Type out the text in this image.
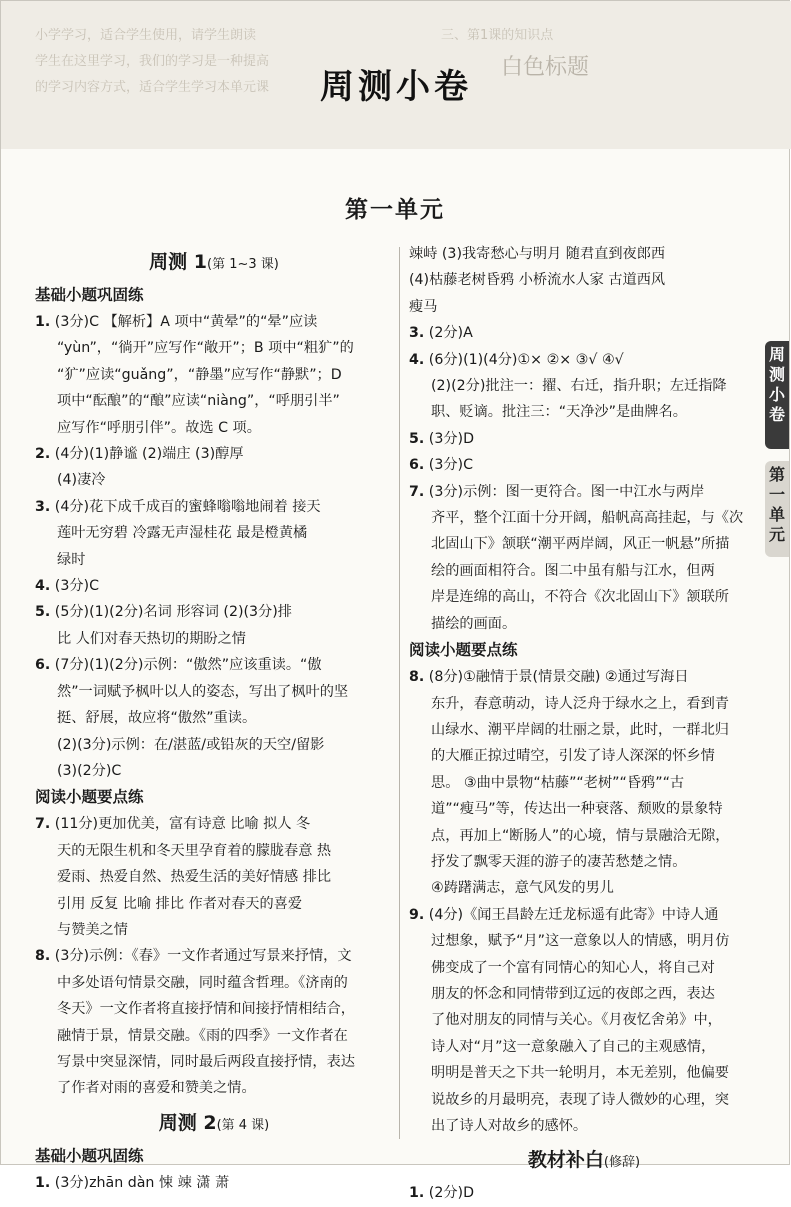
小学学习，适合学生使用，请学生朗读
学生在这里学习，我们的学习是一种提高
的学习内容方式，适合学生学习本单元课
三、第1课的知识点
白色标题
周测小卷
第一单元
周测 1(第 1~3 课)
基础小题巩固练
1. (3分)C 【解析】A 项中“黄晕”的“晕”应读
“yùn”，“徜开”应写作“敞开”；B 项中“粗犷”的
“犷”应读“guǎng”，“静墨”应写作“静默”；D
项中“酝酿”的“酿”应读“niàng”，“呼朋引半”
应写作“呼朋引伴”。故选 C 项。
2. (4分)(1)静谧 (2)端庄 (3)醇厚
(4)凄冷
3. (4分)花下成千成百的蜜蜂嗡嗡地闹着 接天
莲叶无穷碧 冷露无声湿桂花 最是橙黄橘
绿时
4. (3分)C
5. (5分)(1)(2分)名词 形容词 (2)(3分)排
比 人们对春天热切的期盼之情
6. (7分)(1)(2分)示例：“傲然”应该重读。“傲
然”一词赋予枫叶以人的姿态，写出了枫叶的坚
挺、舒展，故应将“傲然”重读。
(2)(3分)示例：在/湛蓝/或铅灰的天空/留影
(3)(2分)C
阅读小题要点练
7. (11分)更加优美，富有诗意 比喻 拟人 冬
天的无限生机和冬天里孕育着的朦胧春意 热
爱雨、热爱自然、热爱生活的美好情感 排比
引用 反复 比喻 排比 作者对春天的喜爱
与赞美之情
8. (3分)示例：《春》一文作者通过写景来抒情，文
中多处语句情景交融，同时蕴含哲理。《济南的
冬天》一文作者将直接抒情和间接抒情相结合，
融情于景，情景交融。《雨的四季》一文作者在
写景中突显深情，同时最后两段直接抒情，表达
了作者对雨的喜爱和赞美之情。
周测 2(第 4 课)
基础小题巩固练
1. (3分)zhān dàn 悚 竦 潇 萧
竦峙 (3)我寄愁心与明月 随君直到夜郎西
(4)枯藤老树昏鸦 小桥流水人家 古道西风
瘦马
3. (2分)A
4. (6分)(1)(4分)①× ②× ③√ ④√
(2)(2分)批注一：擢、右迁，指升职；左迁指降
职、贬谪。批注三：“天净沙”是曲牌名。
5. (3分)D
6. (3分)C
7. (3分)示例：图一更符合。图一中江水与两岸
齐平，整个江面十分开阔，船帆高高挂起，与《次
北固山下》颔联“潮平两岸阔，风正一帆悬”所描
绘的画面相符合。图二中虽有船与江水，但两
岸是连绵的高山，不符合《次北固山下》颔联所
描绘的画面。
阅读小题要点练
8. (8分)①融情于景(情景交融) ②通过写海日
东升，春意萌动，诗人泛舟于绿水之上，看到青
山绿水、潮平岸阔的壮丽之景，此时，一群北归
的大雁正掠过晴空，引发了诗人深深的怀乡情
思。 ③曲中景物“枯藤”“老树”“昏鸦”“古
道”“瘦马”等，传达出一种衰落、颓败的景象特
点，再加上“断肠人”的心境，情与景融洽无隙，
抒发了飘零天涯的游子的凄苦愁楚之情。
④踌躇满志，意气风发的男儿
9. (4分)《闻王昌龄左迁龙标遥有此寄》中诗人通
过想象，赋予“月”这一意象以人的情感，明月仿
佛变成了一个富有同情心的知心人，将自己对
朋友的怀念和同情带到辽远的夜郎之西，表达
了他对朋友的同情与关心。《月夜忆舍弟》中，
诗人对“月”这一意象融入了自己的主观感情，
明明是普天之下共一轮明月，本无差别，他偏要
说故乡的月最明亮，表现了诗人微妙的心理，突
出了诗人对故乡的感怀。
教材补白(修辞)
1. (2分)D
周测小卷
第一单元
